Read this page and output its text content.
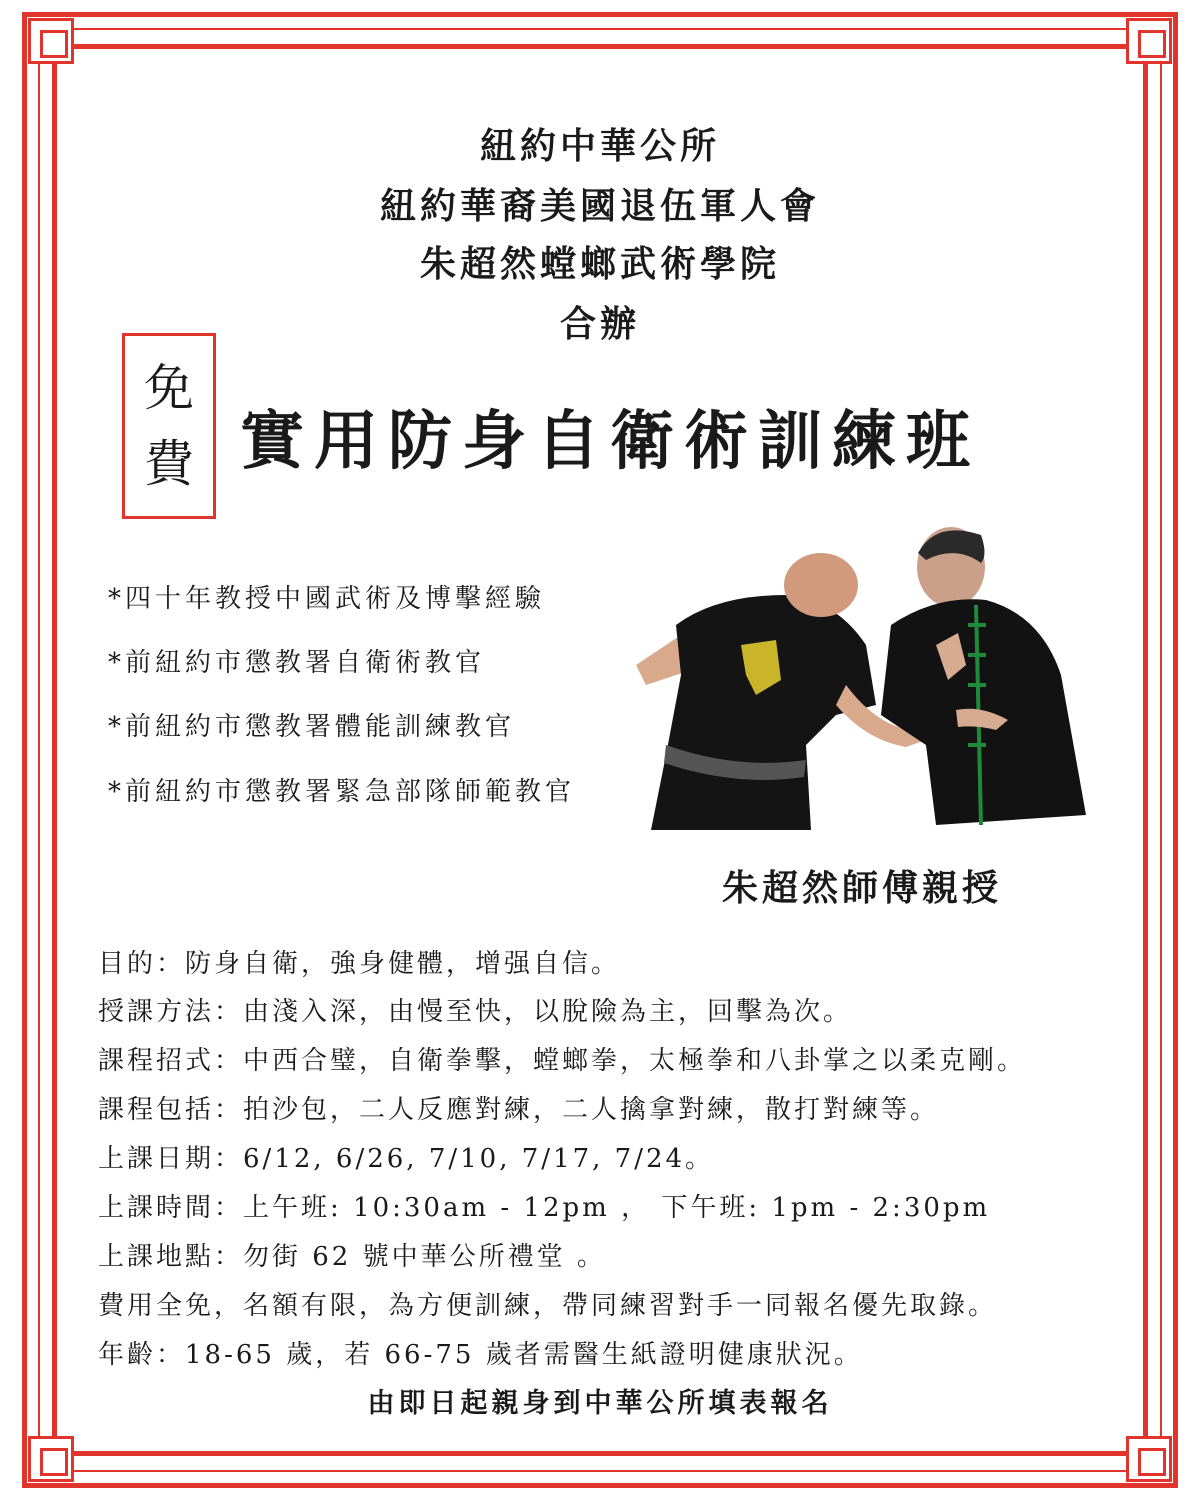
紐約中華公所
紐約華裔美國退伍軍人會
朱超然螳螂武術學院
合辦
免
費 實用防身自衛術訓練班
*四十年教授中國武術及博擊經驗
*前紐約市懲教署自衛術教官
*前紐約市懲教署體能訓練教官
*前紐約市懲教署緊急部隊師範教官
朱超然師傅親授
目的：防身自衛，強身健體，增强自信。
授課方法：由淺入深，由慢至快，以脫險為主，回擊為次。
課程招式：中西合璧，自衛拳擊，螳螂拳，太極拳和八卦掌之以柔克剛。
課程包括：拍沙包，二人反應對練，二人擒拿對練，散打對練等。
上課日期：6/12, 6/26, 7/10, 7/17, 7/24。
上課時間：上午班: 10:30am - 12pm ， 下午班: 1pm - 2:30pm
上課地點：勿街 62 號中華公所禮堂 。
費用全免，名額有限，為方便訓練，帶同練習對手一同報名優先取錄。
年齡：18-65 歲，若 66-75 歲者需醫生紙證明健康狀況。
由即日起親身到中華公所填表報名
